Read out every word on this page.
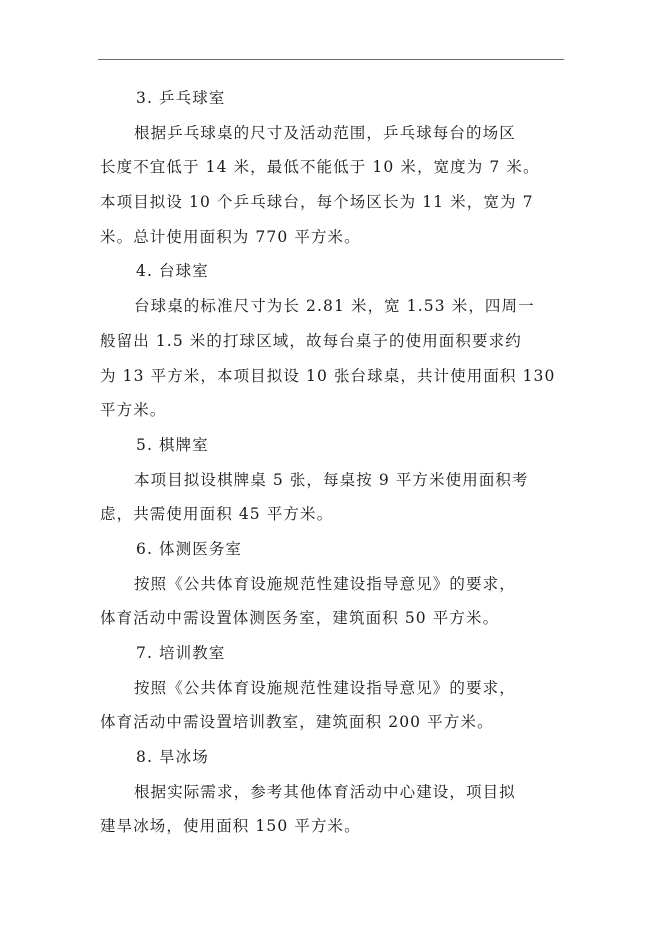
3. 乒乓球室
根据乒乓球桌的尺寸及活动范围，乒乓球每台的场区
长度不宜低于 14 米，最低不能低于 10 米，宽度为 7 米。
本项目拟设 10 个乒乓球台，每个场区长为 11 米，宽为 7
米。总计使用面积为 770 平方米。
4. 台球室
台球桌的标准尺寸为长 2.81 米，宽 1.53 米，四周一
般留出 1.5 米的打球区域，故每台桌子的使用面积要求约
为 13 平方米，本项目拟设 10 张台球桌，共计使用面积 130
平方米。
5. 棋牌室
本项目拟设棋牌桌 5 张，每桌按 9 平方米使用面积考
虑，共需使用面积 45 平方米。
6. 体测医务室
按照《公共体育设施规范性建设指导意见》的要求，
体育活动中需设置体测医务室，建筑面积 50 平方米。
7. 培训教室
按照《公共体育设施规范性建设指导意见》的要求，
体育活动中需设置培训教室，建筑面积 200 平方米。
8. 旱冰场
根据实际需求，参考其他体育活动中心建设，项目拟
建旱冰场，使用面积 150 平方米。
